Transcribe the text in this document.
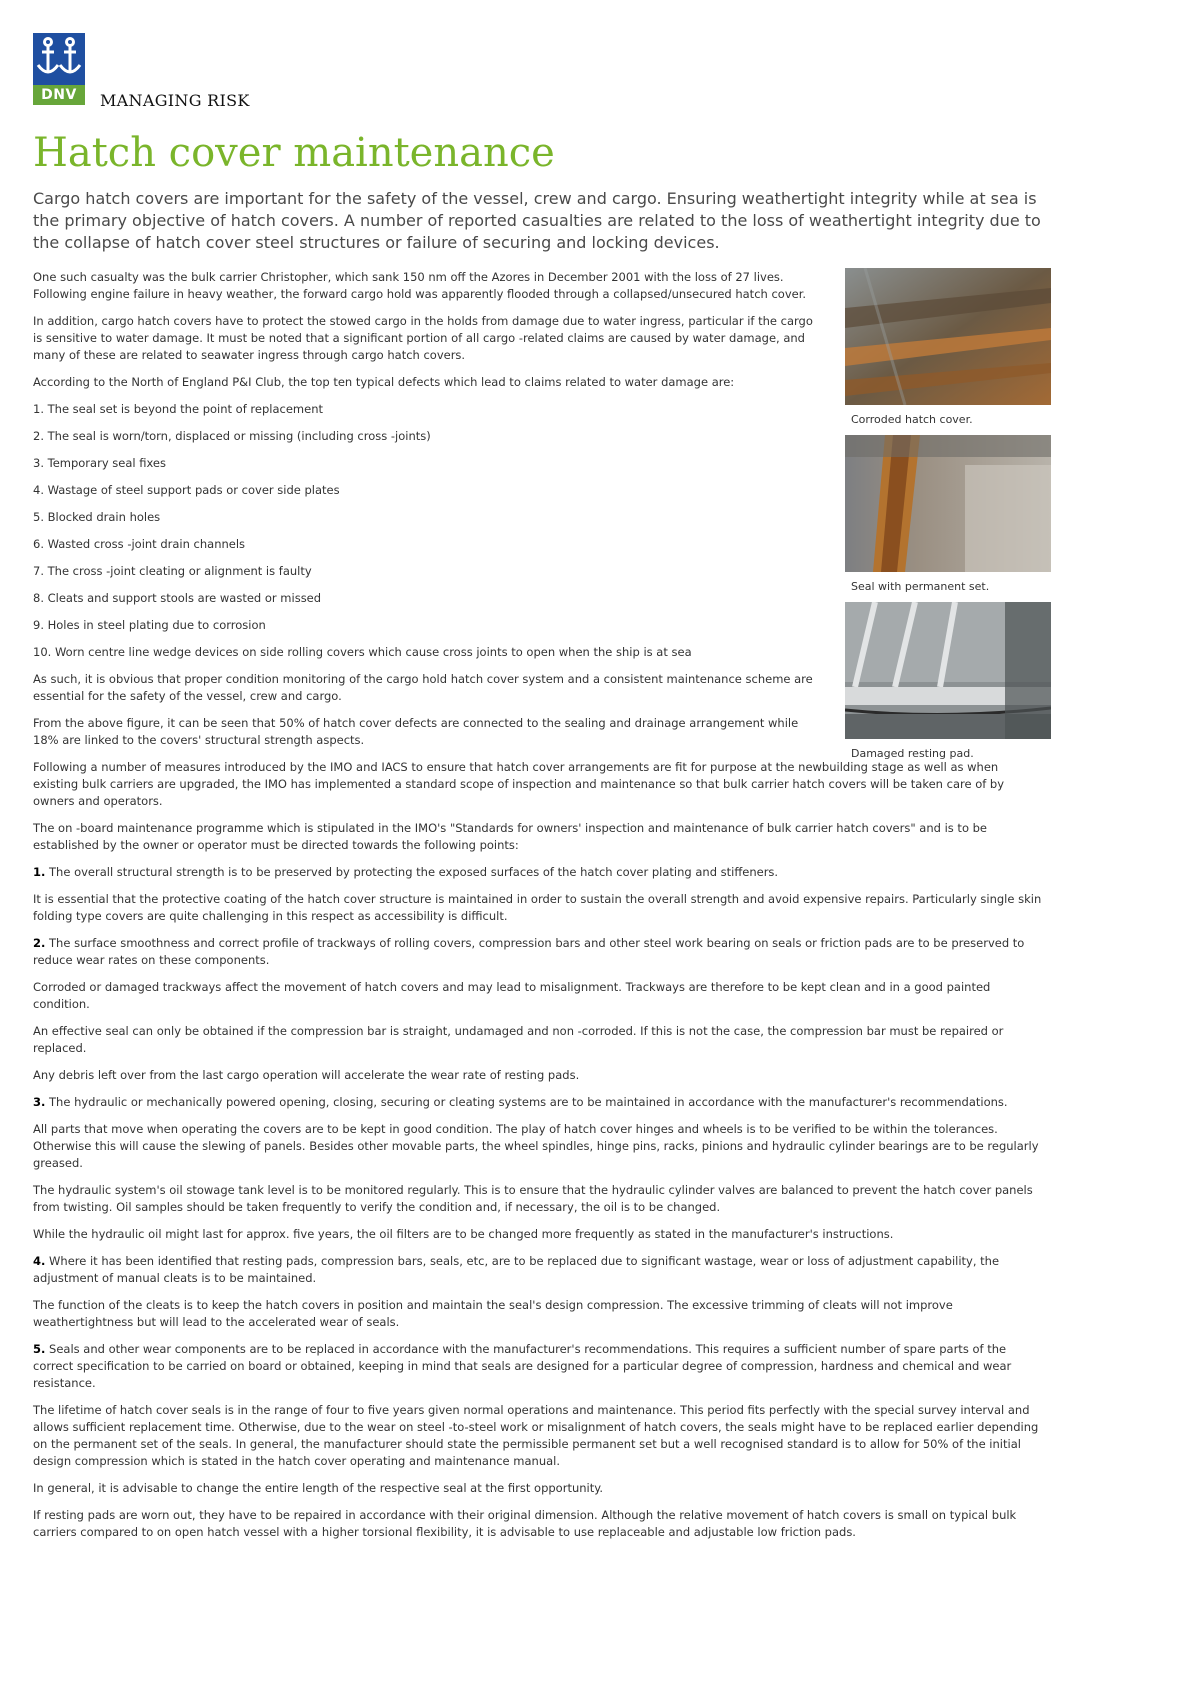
DNV	MANAGING RISK
Hatch cover maintenance

Cargo hatch covers are important for the safety of the vessel, crew and cargo. Ensuring weathertight integrity while at sea is the primary objective of hatch covers. A number of reported casualties are related to the loss of weathertight integrity due to the collapse of hatch cover steel structures or failure of securing and locking devices.

Corroded hatch cover.
Seal with permanent set.
Damaged resting pad.

One such casualty was the bulk carrier Christopher, which sank 150 nm off the Azores in December 2001 with the loss of 27 lives. Following engine failure in heavy weather, the forward cargo hold was apparently flooded through a collapsed/unsecured hatch cover.

In addition, cargo hatch covers have to protect the stowed cargo in the holds from damage due to water ingress, particular if the cargo is sensitive to water damage. It must be noted that a significant portion of all cargo -related claims are caused by water damage, and many of these are related to seawater ingress through cargo hatch covers.

According to the North of England P&I Club, the top ten typical defects which lead to claims related to water damage are:

1. The seal set is beyond the point of replacement

2. The seal is worn/torn, displaced or missing (including cross -joints)

3. Temporary seal fixes

4. Wastage of steel support pads or cover side plates

5. Blocked drain holes

6. Wasted cross -joint drain channels

7. The cross -joint cleating or alignment is faulty

8. Cleats and support stools are wasted or missed

9. Holes in steel plating due to corrosion

10. Worn centre line wedge devices on side rolling covers which cause cross joints to open when the ship is at sea

As such, it is obvious that proper condition monitoring of the cargo hold hatch cover system and a consistent maintenance scheme are essential for the safety of the vessel, crew and cargo.

From the above figure, it can be seen that 50% of hatch cover defects are connected to the sealing and drainage arrangement while 18% are linked to the covers' structural strength aspects.

Following a number of measures introduced by the IMO and IACS to ensure that hatch cover arrangements are fit for purpose at the newbuilding stage as well as when existing bulk carriers are upgraded, the IMO has implemented a standard scope of inspection and maintenance so that bulk carrier hatch covers will be taken care of by owners and operators.

The on -board maintenance programme which is stipulated in the IMO's "Standards for owners' inspection and maintenance of bulk carrier hatch covers" and is to be established by the owner or operator must be directed towards the following points:

1. The overall structural strength is to be preserved by protecting the exposed surfaces of the hatch cover plating and stiffeners.

It is essential that the protective coating of the hatch cover structure is maintained in order to sustain the overall strength and avoid expensive repairs. Particularly single skin folding type covers are quite challenging in this respect as accessibility is difficult.

2. The surface smoothness and correct profile of trackways of rolling covers, compression bars and other steel work bearing on seals or friction pads are to be preserved to reduce wear rates on these components.

Corroded or damaged trackways affect the movement of hatch covers and may lead to misalignment. Trackways are therefore to be kept clean and in a good painted condition.

An effective seal can only be obtained if the compression bar is straight, undamaged and non -corroded. If this is not the case, the compression bar must be repaired or replaced.

Any debris left over from the last cargo operation will accelerate the wear rate of resting pads.

3. The hydraulic or mechanically powered opening, closing, securing or cleating systems are to be maintained in accordance with the manufacturer's recommendations.

All parts that move when operating the covers are to be kept in good condition. The play of hatch cover hinges and wheels is to be verified to be within the tolerances. Otherwise this will cause the slewing of panels. Besides other movable parts, the wheel spindles, hinge pins, racks, pinions and hydraulic cylinder bearings are to be regularly greased.

The hydraulic system's oil stowage tank level is to be monitored regularly. This is to ensure that the hydraulic cylinder valves are balanced to prevent the hatch cover panels from twisting. Oil samples should be taken frequently to verify the condition and, if necessary, the oil is to be changed.

While the hydraulic oil might last for approx. five years, the oil filters are to be changed more frequently as stated in the manufacturer's instructions.

4. Where it has been identified that resting pads, compression bars, seals, etc, are to be replaced due to significant wastage, wear or loss of adjustment capability, the adjustment of manual cleats is to be maintained.

The function of the cleats is to keep the hatch covers in position and maintain the seal's design compression. The excessive trimming of cleats will not improve weathertightness but will lead to the accelerated wear of seals.

5. Seals and other wear components are to be replaced in accordance with the manufacturer's recommendations. This requires a sufficient number of spare parts of the correct specification to be carried on board or obtained, keeping in mind that seals are designed for a particular degree of compression, hardness and chemical and wear resistance.

The lifetime of hatch cover seals is in the range of four to five years given normal operations and maintenance. This period fits perfectly with the special survey interval and allows sufficient replacement time. Otherwise, due to the wear on steel -to-steel work or misalignment of hatch covers, the seals might have to be replaced earlier depending on the permanent set of the seals. In general, the manufacturer should state the permissible permanent set but a well recognised standard is to allow for 50% of the initial design compression which is stated in the hatch cover operating and maintenance manual.

In general, it is advisable to change the entire length of the respective seal at the first opportunity.

If resting pads are worn out, they have to be repaired in accordance with their original dimension. Although the relative movement of hatch covers is small on typical bulk carriers compared to on open hatch vessel with a higher torsional flexibility, it is advisable to use replaceable and adjustable low friction pads.
